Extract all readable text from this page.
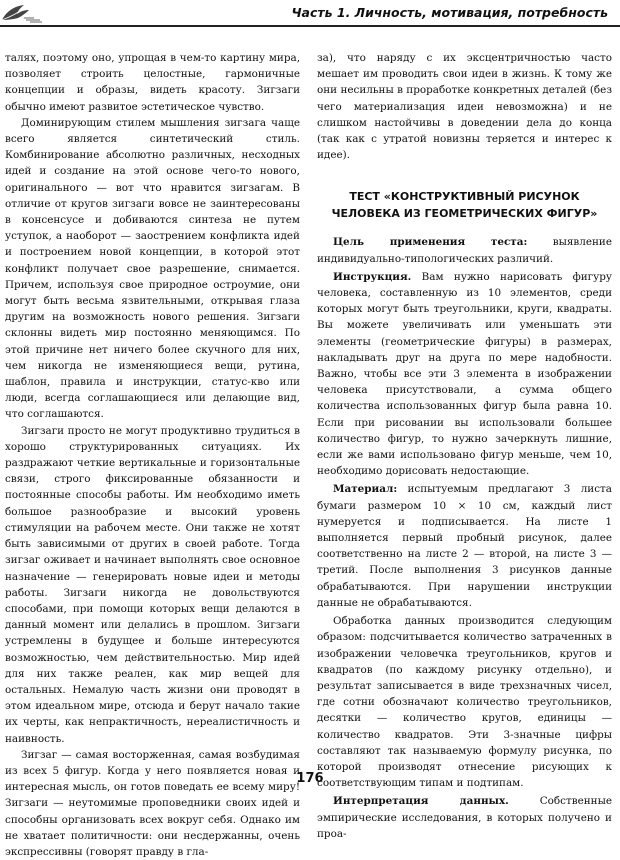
Часть 1. Личность, мотивация, потребность

талях, поэтому оно, упрощая в чем-то картину мира, позволяет строить целостные, гармоничные концепции и образы, видеть красоту. Зигзаги обычно имеют развитое эстетическое чувство.

Доминирующим стилем мышления зигзага чаще всего является синтетический стиль. Комбинирование абсолютно различных, несходных идей и создание на этой основе чего-то нового, оригинального — вот что нравится зигзагам. В отличие от кругов зигзаги вовсе не заинтересованы в консенсусе и добиваются синтеза не путем уступок, а наоборот — заострением конфликта идей и построением новой концепции, в которой этот конфликт получает свое разрешение, снимается. Причем, используя свое природное остроумие, они могут быть весьма язвительными, открывая глаза другим на возможность нового решения. Зигзаги склонны видеть мир постоянно меняющимся. По этой причине нет ничего более скучного для них, чем никогда не изменяющиеся вещи, рутина, шаблон, правила и инструкции, статус-кво или люди, всегда соглашающиеся или делающие вид, что соглашаются.

Зигзаги просто не могут продуктивно трудиться в хорошо структурированных ситуациях. Их раздражают четкие вертикальные и горизонтальные связи, строго фиксированные обязанности и постоянные способы работы. Им необходимо иметь большое разнообразие и высокий уровень стимуляции на рабочем месте. Они также не хотят быть зависимыми от других в своей работе. Тогда зигзаг оживает и начинает выполнять свое основное назначение — генерировать новые идеи и методы работы. Зигзаги никогда не довольствуются способами, при помощи которых вещи делаются в данный момент или делались в прошлом. Зигзаги устремлены в будущее и больше интересуются возможностью, чем действительностью. Мир идей для них также реален, как мир вещей для остальных. Немалую часть жизни они проводят в этом идеальном мире, отсюда и берут начало такие их черты, как непрактичность, нереалистичность и наивность.

Зигзаг — самая восторженная, самая возбудимая из всех 5 фигур. Когда у него появляется новая и интересная мысль, он готов поведать ее всему миру! Зигзаги — неутомимые проповедники своих идей и способны организовать всех вокруг себя. Однако им не хватает политичности: они несдержанны, очень экспрессивны (говорят правду в гла-

за), что наряду с их эксцентричностью часто мешает им проводить свои идеи в жизнь. К тому же они несильны в проработке конкретных деталей (без чего материализация идеи невозможна) и не слишком настойчивы в доведении дела до конца (так как с утратой новизны теряется и интерес к идее).

ТЕСТ «КОНСТРУКТИВНЫЙ РИСУНОК ЧЕЛОВЕКА ИЗ ГЕОМЕТРИЧЕСКИХ ФИГУР»

Цель применения теста: выявление индивидуально-типологических различий.

Инструкция. Вам нужно нарисовать фигуру человека, составленную из 10 элементов, среди которых могут быть треугольники, круги, квадраты. Вы можете увеличивать или уменьшать эти элементы (геометрические фигуры) в размерах, накладывать друг на друга по мере надобности. Важно, чтобы все эти 3 элемента в изображении человека присутствовали, а сумма общего количества использованных фигур была равна 10. Если при рисовании вы использовали большее количество фигур, то нужно зачеркнуть лишние, если же вами использовано фигур меньше, чем 10, необходимо дорисовать недостающие.

Материал: испытуемым предлагают 3 листа бумаги размером 10 × 10 см, каждый лист нумеруется и подписывается. На листе 1 выполняется первый пробный рисунок, далее соответственно на листе 2 — второй, на листе 3 — третий. После выполнения 3 рисунков данные обрабатываются. При нарушении инструкции данные не обрабатываются.

Обработка данных производится следующим образом: подсчитывается количество затраченных в изображении человечка треугольников, кругов и квадратов (по каждому рисунку отдельно), и результат записывается в виде трехзначных чисел, где сотни обозначают количество треугольников, десятки — количество кругов, единицы — количество квадратов. Эти 3-значные цифры составляют так называемую формулу рисунка, по которой производят отнесение рисующих к соответствующим типам и подтипам.

Интерпретация данных. Собственные эмпирические исследования, в которых получено и проа-

176
